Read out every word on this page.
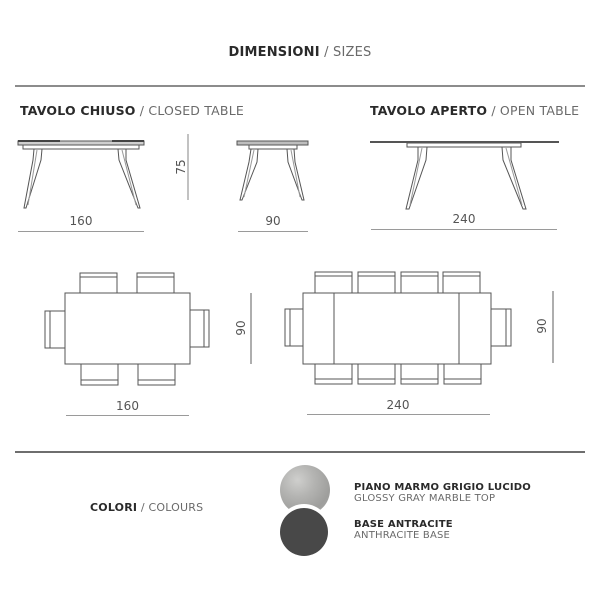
DIMENSIONI / SIZES
TAVOLO CHIUSO / CLOSED TABLE	TAVOLO APERTO / OPEN TABLE
75
160	90	240
90
160
90
240
COLORI / COLOURS
PIANO MARMO GRIGIO LUCIDO
GLOSSY GRAY MARBLE TOP
BASE ANTRACITE
ANTHRACITE BASE
